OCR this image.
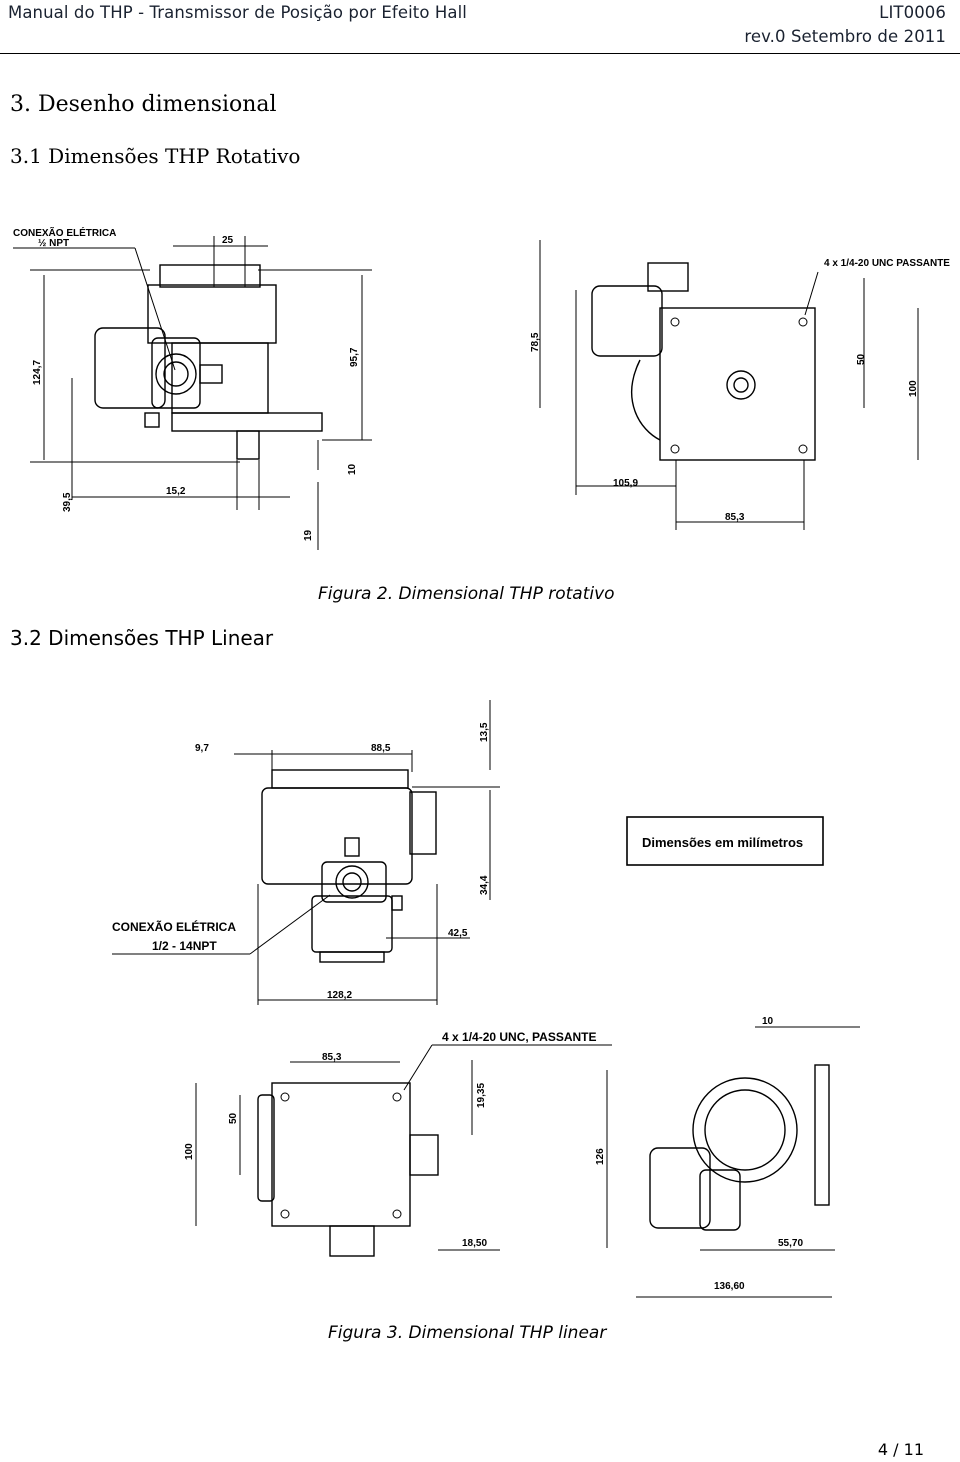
Manual do THP - Transmissor de Posição por Efeito Hall	LIT0006
rev.0 Setembro de 2011
3. Desenho dimensional
3.1 Dimensões THP Rotativo
3.2 Dimensões THP Linear
Figura 2. Dimensional THP rotativo
Figura 3. Dimensional THP linear
4 / 11
CONEXÃO ELÉTRICA
½ NPT	25
4 x 1/4-20 UNC PASSANTE
124,7
95,7
78,5
50
100
39,5
15,2
10
19
105,9
85,3
9,7	88,5
13,5
Dimensões em milímetros
34,4
CONEXÃO ELÉTRICA
1/2 - 14NPT
42,5
128,2
10
4 x 1/4-20 UNC, PASSANTE
85,3
19,35
100
50
126
18,50	55,70
136,60
